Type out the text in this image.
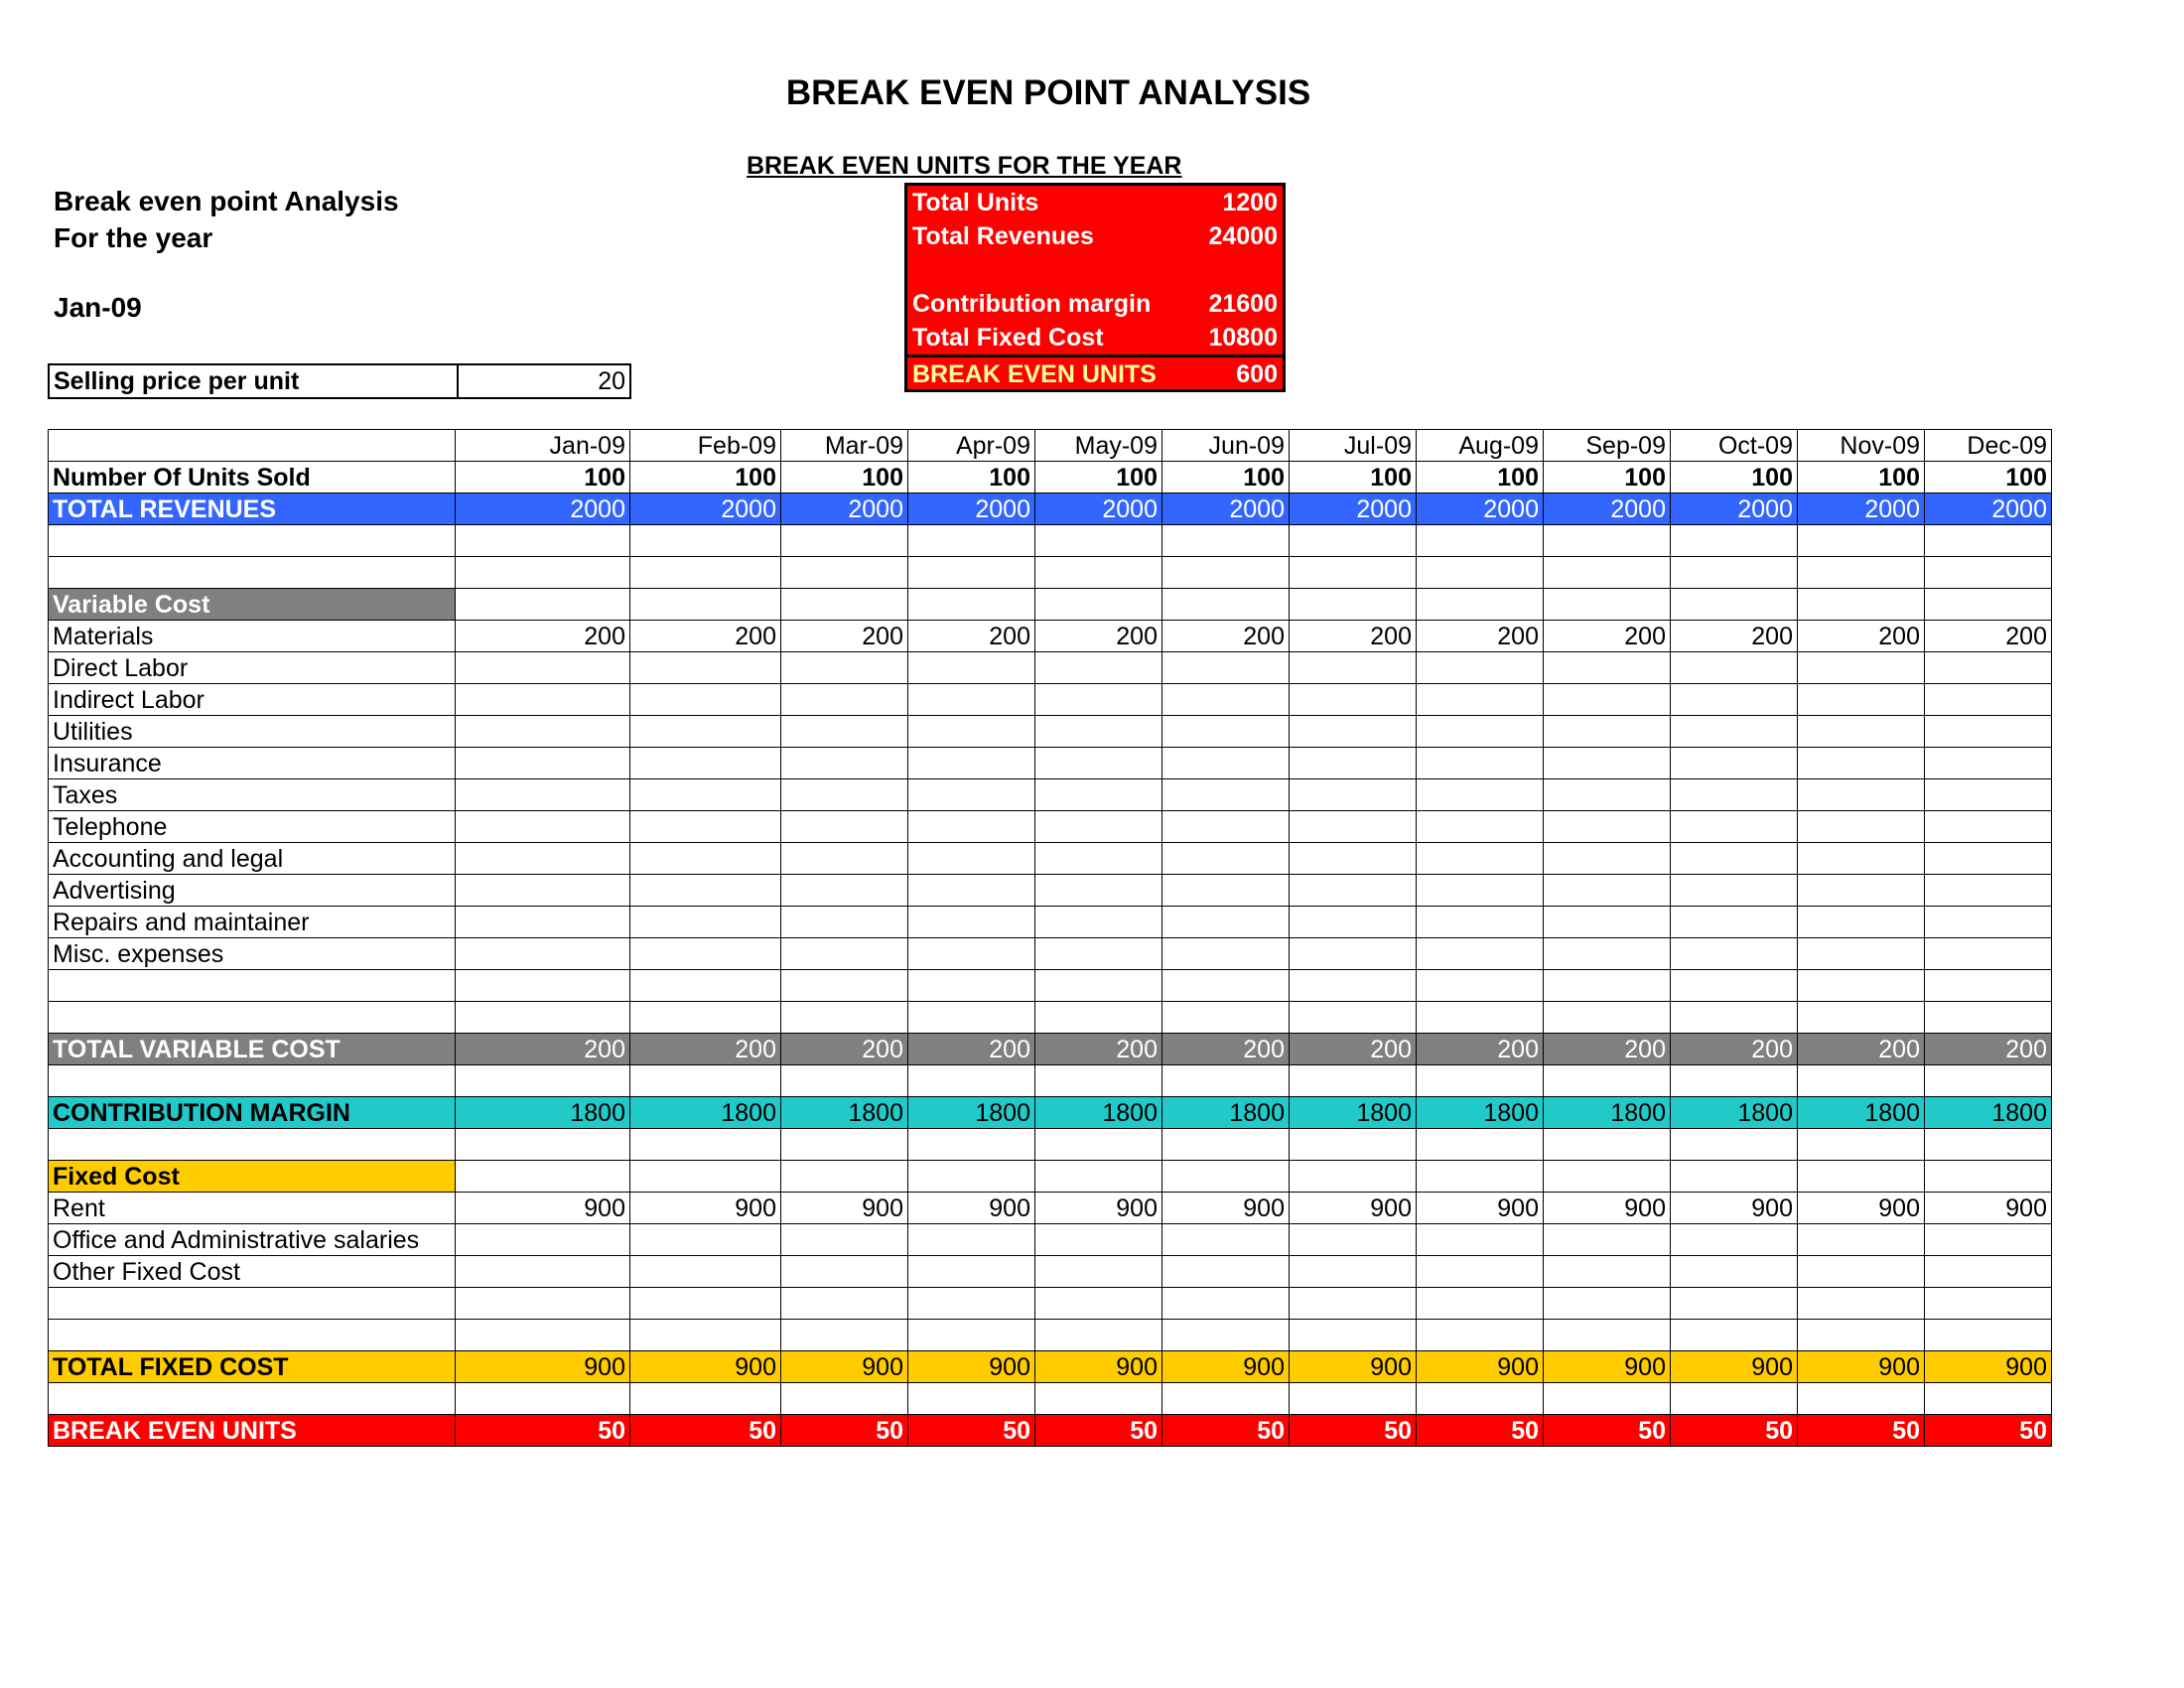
BREAK EVEN POINT ANALYSIS
BREAK EVEN UNITS FOR THE YEAR
Break even point Analysis
For the year
Jan-09
Selling price per unit	20
Total Units	1200
Total Revenues	24000
Contribution margin 21600
Total Fixed Cost	10800
BREAK EVEN UNITS	600
	Jan-09	Feb-09	Mar-09	Apr-09	May-09	Jun-09	Jul-09	Aug-09	Sep-09	Oct-09	Nov-09	Dec-09
Number Of Units Sold	100	100	100	100	100	100	100	100	100	100	100	100
TOTAL REVENUES	2000	2000	2000	2000	2000	2000	2000	2000	2000	2000	2000	2000

Variable Cost												
Materials	200	200	200	200	200	200	200	200	200	200	200	200
Direct Labor												
Indirect Labor												
Utilities												
Insurance												
Taxes												
Telephone												
Accounting and legal												
Advertising												
Repairs and maintainer												
Misc. expenses												

TOTAL VARIABLE COST	200	200	200	200	200	200	200	200	200	200	200	200

CONTRIBUTION MARGIN	1800	1800	1800	1800	1800	1800	1800	1800	1800	1800	1800	1800

Fixed Cost												
Rent	900	900	900	900	900	900	900	900	900	900	900	900
Office and Administrative salaries												
Other Fixed Cost												

TOTAL FIXED COST	900	900	900	900	900	900	900	900	900	900	900	900

BREAK EVEN UNITS	50	50	50	50	50	50	50	50	50	50	50	50
